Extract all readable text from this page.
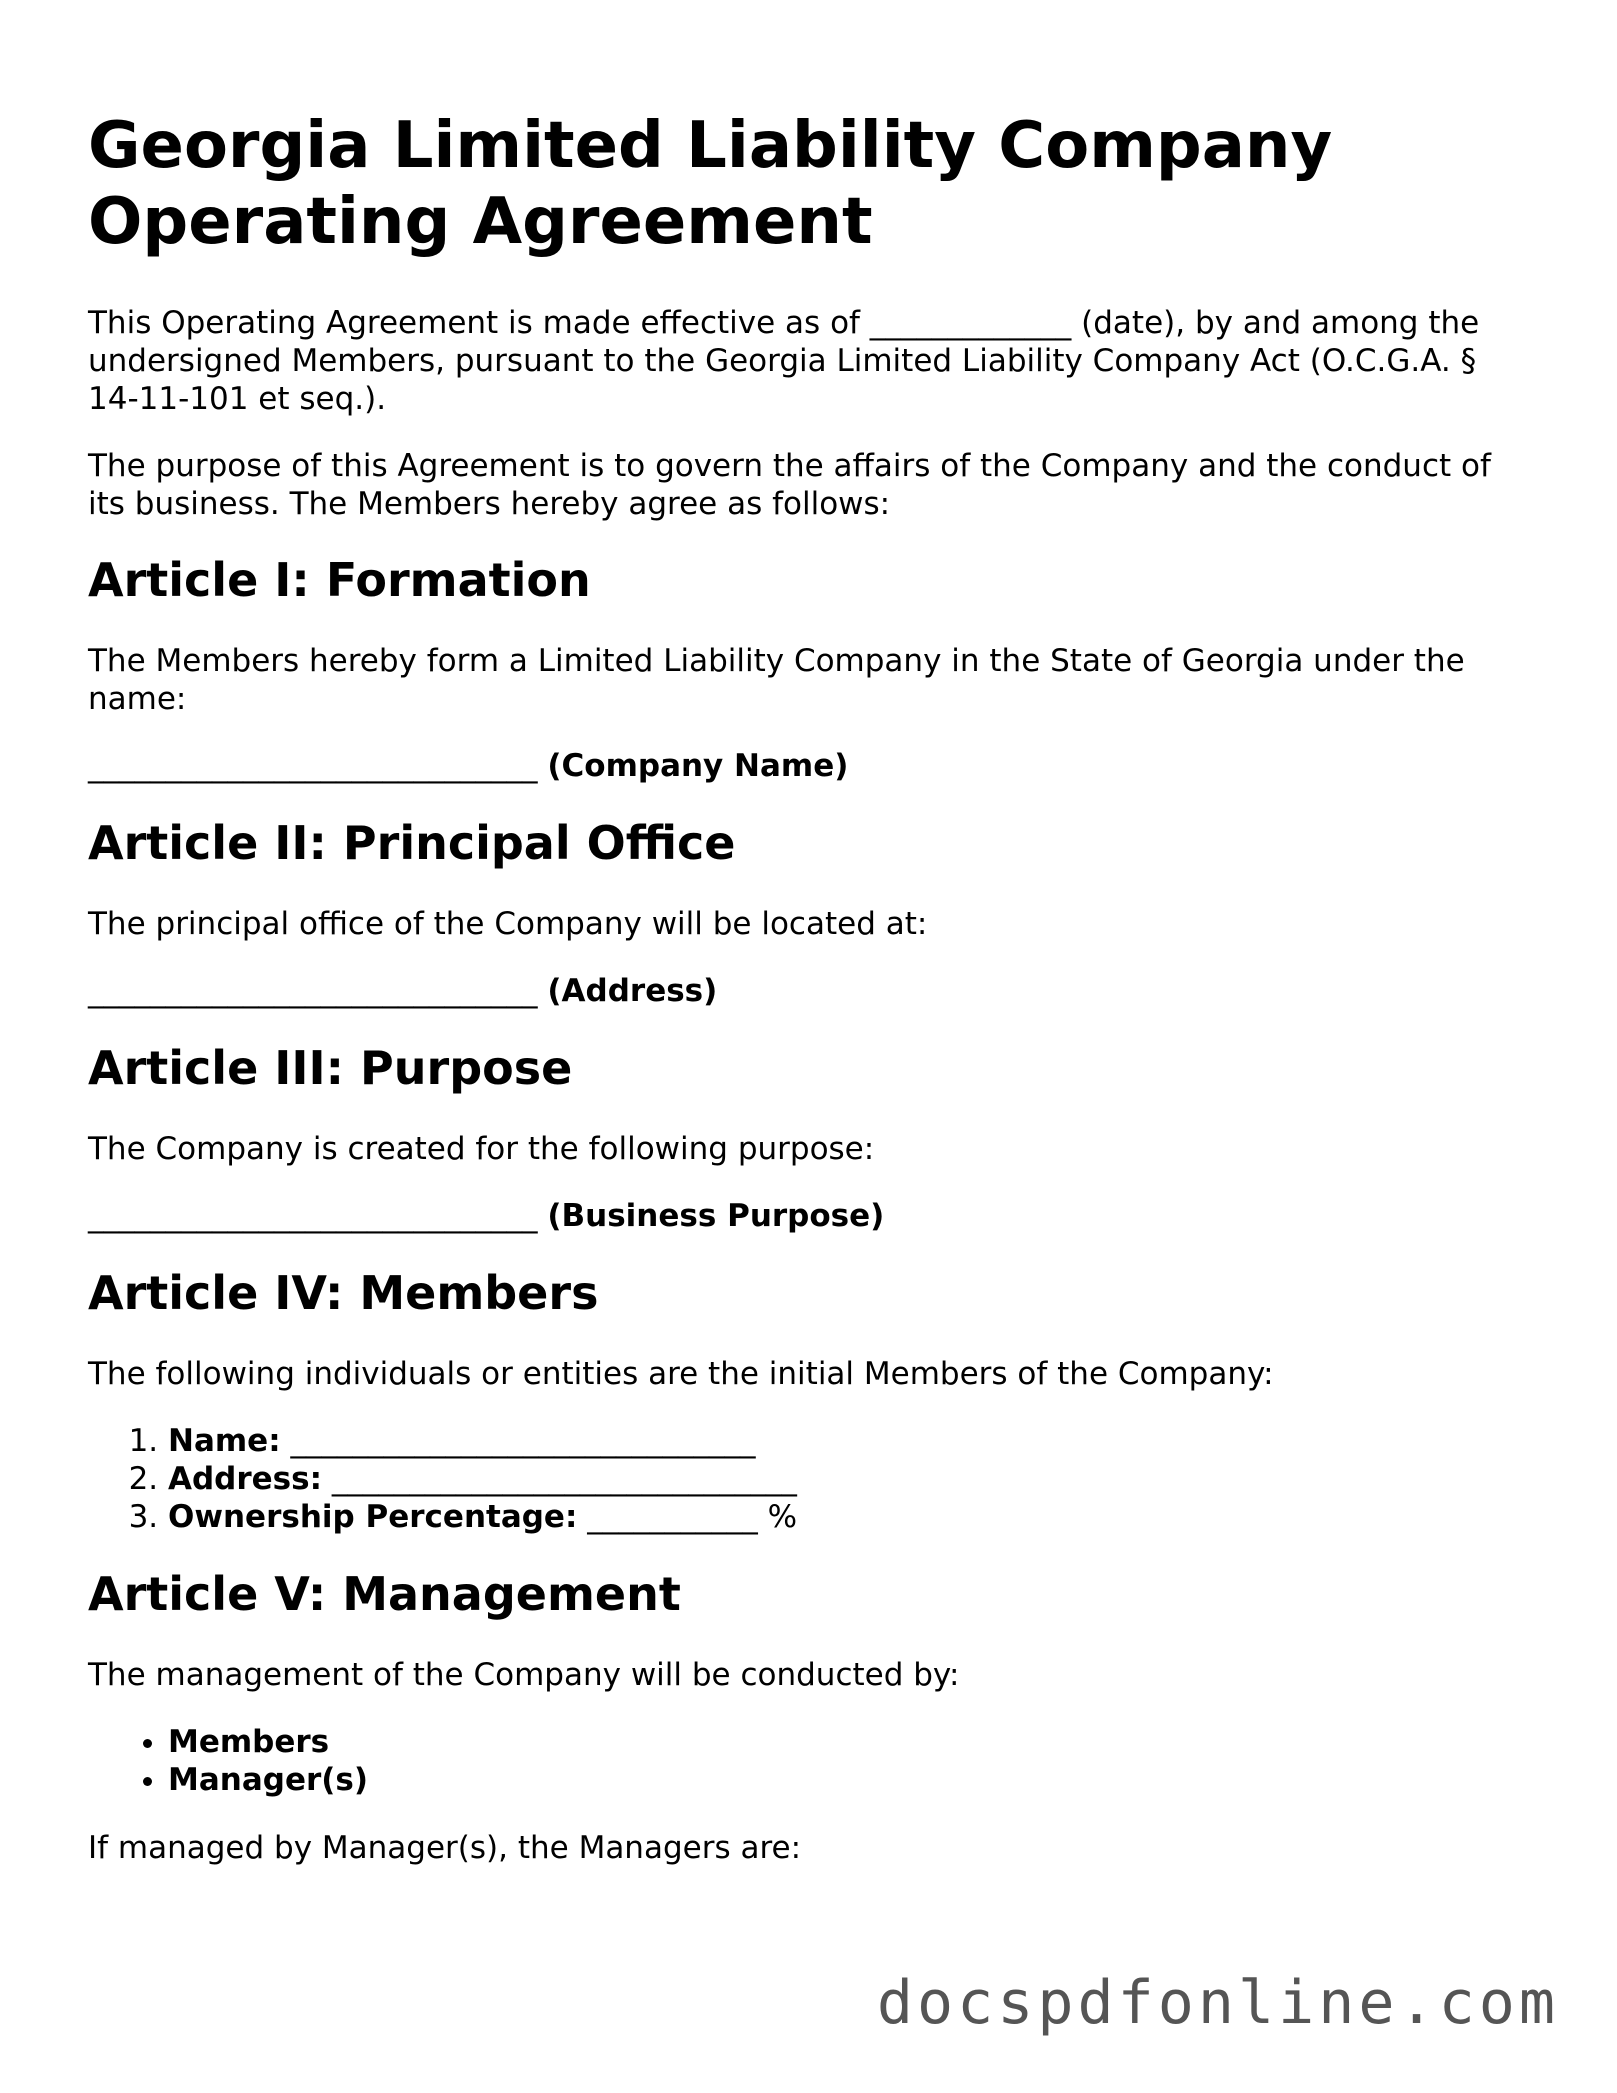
Georgia Limited Liability Company Operating Agreement

This Operating Agreement is made effective as of _____________ (date), by and among the undersigned Members, pursuant to the Georgia Limited Liability Company Act (O.C.G.A. § 14-11-101 et seq.).

The purpose of this Agreement is to govern the affairs of the Company and the conduct of its business. The Members hereby agree as follows:

Article I: Formation

The Members hereby form a Limited Liability Company in the State of Georgia under the name:

_____________________________ (Company Name)
Article II: Principal Office

The principal office of the Company will be located at:

_____________________________ (Address)
Article III: Purpose

The Company is created for the following purpose:

_____________________________ (Business Purpose)
Article IV: Members

The following individuals or entities are the initial Members of the Company:

1. Name: ______________________________
2. Address: ______________________________
3. Ownership Percentage: ___________ %
Article V: Management

The management of the Company will be conducted by:

• Members
• Manager(s)

If managed by Manager(s), the Managers are:

docspdfonline.com
